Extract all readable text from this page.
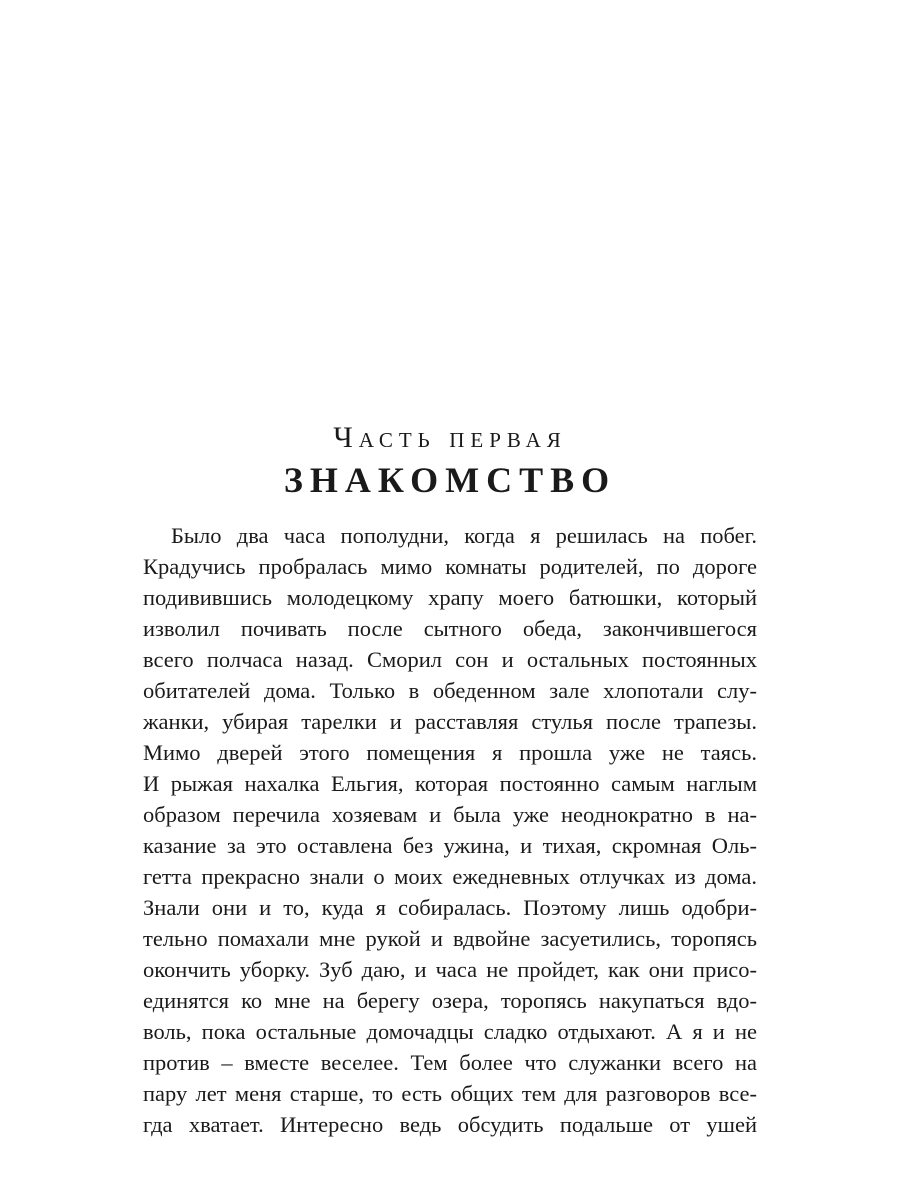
Часть первая
ЗНАКОМСТВО
Было два часа пополудни, когда я решилась на побег.
Крадучись пробралась мимо комнаты родителей, по дороге
подивившись молодецкому храпу моего батюшки, который
изволил почивать после сытного обеда, закончившегося
всего полчаса назад. Сморил сон и остальных постоянных
обитателей дома. Только в обеденном зале хлопотали слу-
жанки, убирая тарелки и расставляя стулья после трапезы.
Мимо дверей этого помещения я прошла уже не таясь.
И рыжая нахалка Ельгия, которая постоянно самым наглым
образом перечила хозяевам и была уже неоднократно в на-
казание за это оставлена без ужина, и тихая, скромная Оль-
гетта прекрасно знали о моих ежедневных отлучках из дома.
Знали они и то, куда я собиралась. Поэтому лишь одобри-
тельно помахали мне рукой и вдвойне засуетились, торопясь
окончить уборку. Зуб даю, и часа не пройдет, как они присо-
единятся ко мне на берегу озера, торопясь накупаться вдо-
воль, пока остальные домочадцы сладко отдыхают. А я и не
против – вместе веселее. Тем более что служанки всего на
пару лет меня старше, то есть общих тем для разговоров все-
гда хватает. Интересно ведь обсудить подальше от ушей
